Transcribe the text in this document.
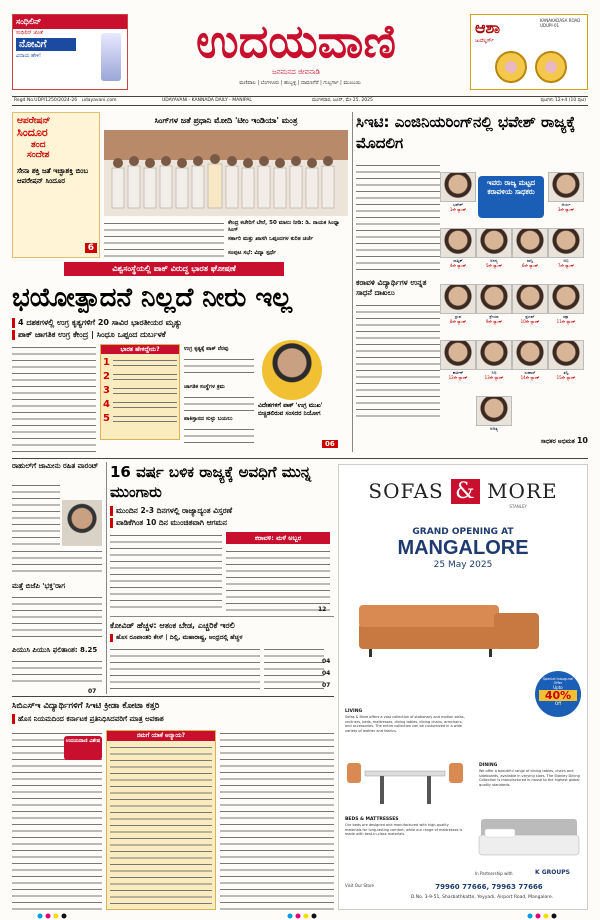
ಸಂಧಿಲಿನ್
ಸಂಧಿಲಿನ್ ಜೊತೆ
ನೋವಿಗೆ
ವಿದಾಯ ಹೇಳಿ!	ಉದಯವಾಣಿ
ಜನಮನದ ಜೀವನಾಡಿ
ಮಣಿಪಾಲ | ಬೆಂಗಳೂರು | ಹುಬ್ಬಳ್ಳಿ | ದಾವಣಗೆರೆ | ಗುಲ್ಬರ್ಗಾ | ಮುಂಬಯಿ
ಆಶಾ
ಜುವೆಲ್ಲರ್ಸ್
KANAKADASA ROAD UDUPI-01
Regd.No.UDP/1250/2024-26 udayavani.com	UDAYAVANI - KANNADA DAILY - MANIPAL	ಮಂಗಳವಾರ, ಜೂನ್, ಮೇ 25, 2025	ಪುಟಗಳು 12+4 (10 ಪುಟ)
ಆಪರೇಷನ್
ಸಿಂದೂರ
ತಂದ
ಸಂದೇಶ
ಸೇನಾ ಶಕ್ತಿ ಜತೆ ಇಚ್ಛಾಶಕ್ತಿ ಬಿಂಬ ಆಪರೇಷನ್ ಸಿಂದೂರ
6
ಸಿಂಗ್‌ಗಳ ಜತೆ ಪ್ರಧಾನಿ ಮೋದಿ 'ಟೀಂ ಇಂಡಿಯಾ' ಮಂತ್ರ
ಕೇಂದ್ರ ಕಚೇರಿಗೆ ಬೇರೆ, 50 ಮಾಲು ನೀಡಿ: ಡಿ. ನಾಯಕ ಸಿಂಧ್ಯಾ ಸಿಂಗ್
ಸರ್ಕಾರಿ ಮತ್ತು ಖಾಸಗಿ ಒಪ್ಪಂದಗಳ ಕುರಿತ ಚರ್ಚೆ
ಸಂಪುಟ ಸಭೆ: ವಿದ್ಯಾ ಸ್ಪರ್ಧೆ
ಸಿಇಟಿ: ಎಂಜಿನಿಯರಿಂಗ್‌ನಲ್ಲಿ ಭವೇಶ್ ರಾಜ್ಯಕ್ಕೆ ಮೊದಲಿಗ
ಇವರು ರಾಜ್ಯ ಮಟ್ಟದ ಕರಾವಳಿಯ ಸಾಧಕರು
ಭವೇಶ್
1ನೇ ರ‍್ಯಾಂಕ್
ಆರ್ಯ
3ನೇ ರ‍್ಯಾಂಕ್
ಸಾತ್ವಿಕ್
4ನೇ ರ‍್ಯಾಂಕ್
ಅನನ್ಯ
5ನೇ ರ‍್ಯಾಂಕ್
ಸಾನ್ವಿ
6ನೇ ರ‍್ಯಾಂಕ್
ಅಭಿ
7ನೇ ರ‍್ಯಾಂಕ್
ಕರಾವಳಿ ವಿದ್ಯಾರ್ಥಿಗಳ ಉನ್ನತ ಸಾಧನೆ ದಾಖಲು
ಧ್ರುವ
8ನೇ ರ‍್ಯಾಂಕ್
ಶ್ರೇಯಾ
9ನೇ ರ‍್ಯಾಂಕ್
ಪ್ರಣವ್
10ನೇ ರ‍್ಯಾಂಕ್
ರಕ್ಷಾ
11ನೇ ರ‍್ಯಾಂಕ್
ಕಾರ್ತಿಕ್
12ನೇ ರ‍್ಯಾಂಕ್
ನಿಧಿ
13ನೇ ರ‍್ಯಾಂಕ್
ಸುಹಾಸ್
14ನೇ ರ‍್ಯಾಂಕ್
ತನ್ವಿ
15ನೇ ರ‍್ಯಾಂಕ್
ಆದಿತ್ಯ
ಸಾಧಕರ ಅಭಿಮತ 10
ವಿಶ್ವಸಂಸ್ಥೆಯಲ್ಲಿ ಪಾಕ್ ವಿರುದ್ಧ ಭಾರತ ಘೋಷಣೆ
ಭಯೋತ್ಪಾದನೆ ನಿಲ್ಲದೆ ನೀರು ಇಲ್ಲ
4 ದಶಕಗಳಲ್ಲಿ ಉಗ್ರ ಕೃತ್ಯಗಳಿಗೆ 20 ಸಾವಿರ ಭಾರತೀಯರ ಮೃತ್ಯು
ಪಾಕ್ ಜಾಗತಿಕ ಉಗ್ರ ಕೇಂದ್ರ | ಸಿಂಧೂ ಒಪ್ಪಂದ ದುರ್ಬಳಕೆ
ಭಾರತ ಹೇಳಿದ್ದೇನು?
1
2
3
4
5
ಉಗ್ರ ಕೃತ್ಯಕ್ಕೆ ಪಾಕ್ ನೆರವು
ಜಾಗತಿಕ ಸಂಸ್ಥೆಗಳ ಕ್ರಮ
ಪಾಕಿಸ್ತಾನದ ಸುಳ್ಳು ಬಯಲು
ವಿದೇಶಗಳಿಗೆ ಪಾಕ್ 'ಉಗ್ರ ಮುಖ' ಬಿಚ್ಚಿಡಲಿರುವ ಸಂಸದರ ನಿಯೋಗ
06
ರಾಹುಲ್‌ಗೆ ಜಾಮೀನು ರಹಿತ ವಾರಂಟ್
ಮತ್ತೆ ಬಿಜೆಪಿ 'ಭಕ್ತ'ರಾಗ
ಪಿಯುಸಿ ಪಿಯುಸಿ ಫಲಿತಾಂಶ: 8.25
07
16 ವರ್ಷ ಬಳಿಕ ರಾಜ್ಯಕ್ಕೆ ಅವಧಿಗೆ ಮುನ್ನ ಮುಂಗಾರು
ಮುಂದಿನ 2-3 ದಿನಗಳಲ್ಲಿ ರಾಜ್ಯಾದ್ಯಂತ ವಿಸ್ತರಣೆ
ವಾಡಿಕೆಗಿಂತ 10 ದಿನ ಮುಂಚಿತವಾಗಿ ಆಗಮನ
ಕರಾವಳಿ: ಮಳೆ ಅಬ್ಬರ
12
ಕೋವಿಡ್ ಹೆಚ್ಚಳ: ಆತಂಕ ಬೇಡ, ಎಚ್ಚರಿಕೆ ಇರಲಿ
ಹೊಸ ರೂಪಾಂತರಿ ಕೇಸ್‌ | ದಿಲ್ಲಿ, ಮಹಾರಾಷ್ಟ್ರ, ಆಂಧ್ರದಲ್ಲಿ ಹೆಚ್ಚಳ
04
04
07
SOFAS & MORE
STANLEY
GRAND OPENING AT
MANGALORE
25 May 2025
Special Inaugural Offer
Upto
40%
Off
LIVING
Sofas & More offers a vast collection of stationary and motion sofas, recliners, beds, mattresses, dining tables, dining chairs, armchairs, and accessories. The entire collection can be customized in a wide variety of leather and fabrics.
DINING
We offer a beautiful range of dining tables, chairs and sideboards, available in varying sizes. The Stanley Dining Collection is manufactured in-house to the highest global quality standards.
BEDS & MATTRESSES
Our beds are designed and manufactured with high-quality materials for long-lasting comfort, while our range of mattresses is made with best-in-class materials.
In Partnership with	K GROUPS
Visit Our Store	79960 77666, 79963 77666
D.No. 3-9-51, Sharbathkatte, Yeyyadi, Airport Road, Mangalore.
ಸಿಬಿಎಸ್‌ಇ ವಿದ್ಯಾರ್ಥಿಗಳಿಗೆ ಸಿಇಟಿ ಕ್ರೀಡಾ ಕೋಟಾ ಕತ್ತರಿ
ಹೊಸ ನಿಯಮದಿಂದ ಕರ್ನಾಟಕ ಪ್ರತಿನಿಧಿಸಿದವರಿಗೆ ಮಾತ್ರ ಅವಕಾಶ
ಉದಯವಾಣಿ ವಿಶೇಷ
ನಮಗೆ ಯಾಕೆ ಅನ್ಯಾಯ?
